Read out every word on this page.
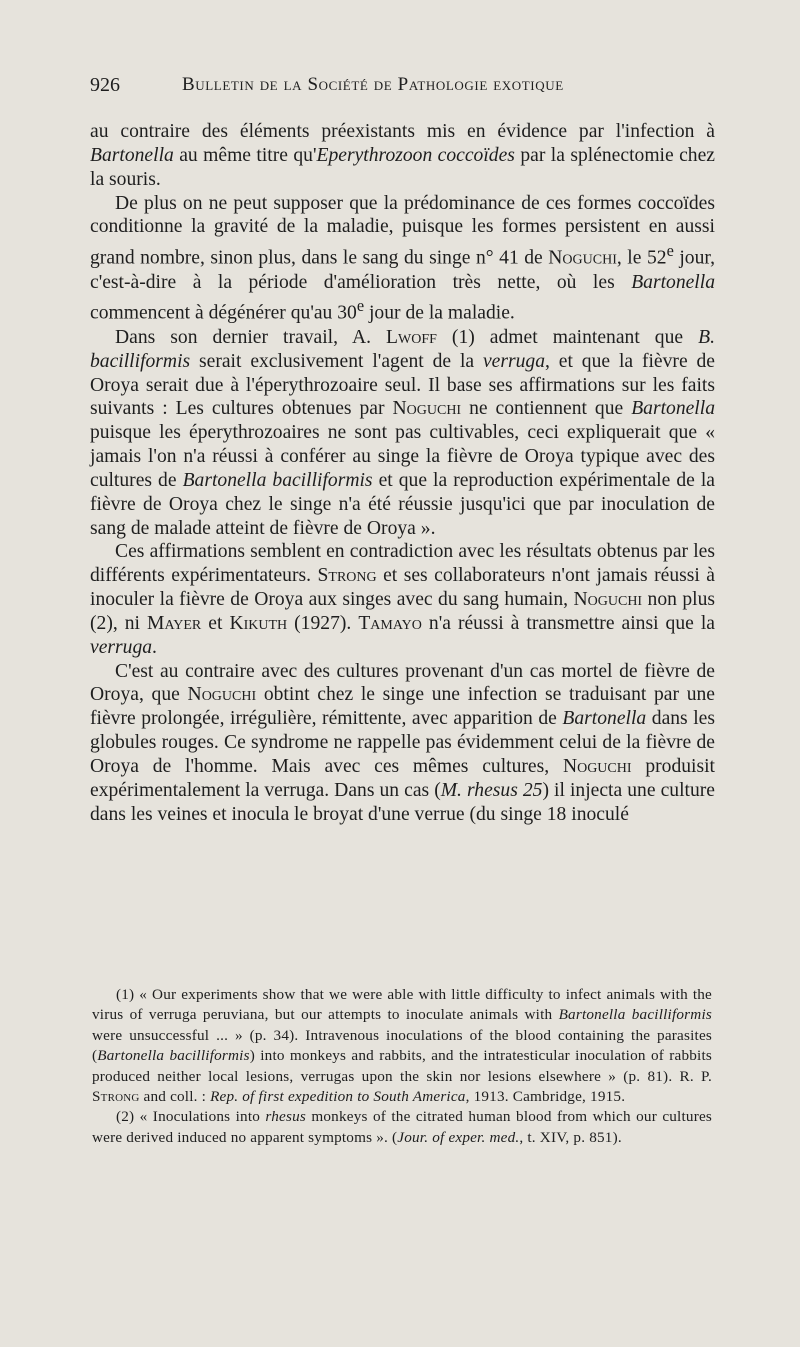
926	Bulletin de la Société de Pathologie exotique

au contraire des éléments préexistants mis en évidence par l'infection à Bartonella au même titre qu'Eperythrozoon coccoïdes par la splénectomie chez la souris.

De plus on ne peut supposer que la prédominance de ces formes coccoïdes conditionne la gravité de la maladie, puisque les formes persistent en aussi grand nombre, sinon plus, dans le sang du singe n° 41 de Noguchi, le 52e jour, c'est-à-dire à la période d'amélioration très nette, où les Bartonella commencent à dégénérer qu'au 30e jour de la maladie.

Dans son dernier travail, A. Lwoff (1) admet maintenant que B. bacilliformis serait exclusivement l'agent de la verruga, et que la fièvre de Oroya serait due à l'éperythrozoaire seul. Il base ses affirmations sur les faits suivants : Les cultures obtenues par Noguchi ne contiennent que Bartonella puisque les éperythrozoaires ne sont pas cultivables, ceci expliquerait que « jamais l'on n'a réussi à conférer au singe la fièvre de Oroya typique avec des cultures de Bartonella bacilliformis et que la reproduction expérimentale de la fièvre de Oroya chez le singe n'a été réussie jusqu'ici que par inoculation de sang de malade atteint de fièvre de Oroya ».

Ces affirmations semblent en contradiction avec les résultats obtenus par les différents expérimentateurs. Strong et ses collaborateurs n'ont jamais réussi à inoculer la fièvre de Oroya aux singes avec du sang humain, Noguchi non plus (2), ni Mayer et Kikuth (1927). Tamayo n'a réussi à transmettre ainsi que la verruga.

C'est au contraire avec des cultures provenant d'un cas mortel de fièvre de Oroya, que Noguchi obtint chez le singe une infection se traduisant par une fièvre prolongée, irrégulière, rémittente, avec apparition de Bartonella dans les globules rouges. Ce syndrome ne rappelle pas évidemment celui de la fièvre de Oroya de l'homme. Mais avec ces mêmes cultures, Noguchi produisit expérimentalement la verruga. Dans un cas (M. rhesus 25) il injecta une culture dans les veines et inocula le broyat d'une verrue (du singe 18 inoculé

(1) « Our experiments show that we were able with little difficulty to infect animals with the virus of verruga peruviana, but our attempts to inoculate animals with Bartonella bacilliformis were unsuccessful ... » (p. 34). Intravenous inoculations of the blood containing the parasites (Bartonella bacilliformis) into monkeys and rabbits, and the intratesticular inoculation of rabbits produced neither local lesions, verrugas upon the skin nor lesions elsewhere » (p. 81). R. P. Strong and coll. : Rep. of first expedition to South America, 1913. Cambridge, 1915.

(2) « Inoculations into rhesus monkeys of the citrated human blood from which our cultures were derived induced no apparent symptoms ». (Jour. of exper. med., t. XIV, p. 851).
